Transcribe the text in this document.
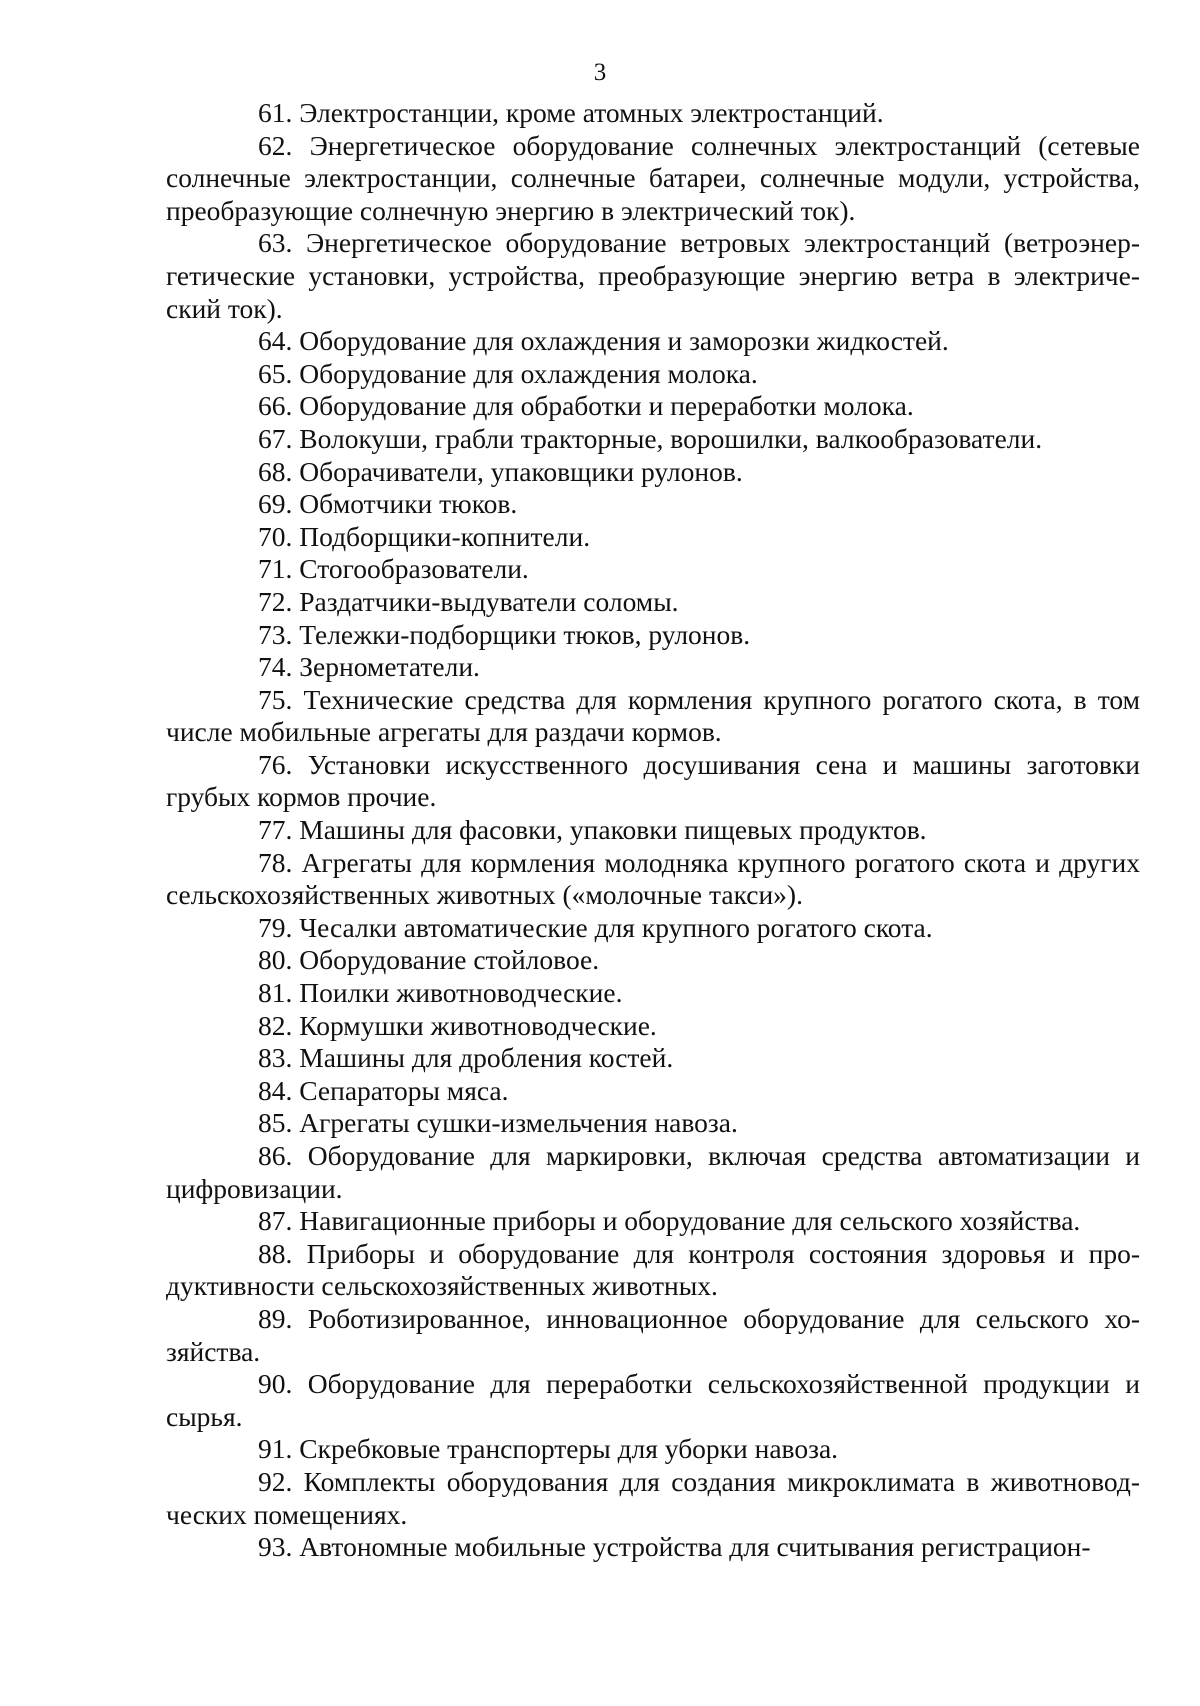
3

61. Электростанции, кроме атомных электростанций.

62. Энергетическое оборудование солнечных электростанций (сетевые солнечные электростанции, солнечные батареи, солнечные модули, устройства, преобразующие солнечную энергию в электрический ток).

63. Энергетическое оборудование ветровых электростанций (ветроэнергетические установки, устройства, преобразующие энергию ветра в электрический ток).

64. Оборудование для охлаждения и заморозки жидкостей.

65. Оборудование для охлаждения молока.

66. Оборудование для обработки и переработки молока.

67. Волокуши, грабли тракторные, ворошилки, валкообразователи.

68. Оборачиватели, упаковщики рулонов.

69. Обмотчики тюков.

70. Подборщики-копнители.

71. Стогообразователи.

72. Раздатчики-выдуватели соломы.

73. Тележки-подборщики тюков, рулонов.

74. Зернометатели.

75. Технические средства для кормления крупного рогатого скота, в том числе мобильные агрегаты для раздачи кормов.

76. Установки искусственного досушивания сена и машины заготовки грубых кормов прочие.

77. Машины для фасовки, упаковки пищевых продуктов.

78. Агрегаты для кормления молодняка крупного рогатого скота и других сельскохозяйственных животных («молочные такси»).

79. Чесалки автоматические для крупного рогатого скота.

80. Оборудование стойловое.

81. Поилки животноводческие.

82. Кормушки животноводческие.

83. Машины для дробления костей.

84. Сепараторы мяса.

85. Агрегаты сушки-измельчения навоза.

86. Оборудование для маркировки, включая средства автоматизации и цифровизации.

87. Навигационные приборы и оборудование для сельского хозяйства.

88. Приборы и оборудование для контроля состояния здоровья и продуктивности сельскохозяйственных животных.

89. Роботизированное, инновационное оборудование для сельского хозяйства.

90. Оборудование для переработки сельскохозяйственной продукции и сырья.

91. Скребковые транспортеры для уборки навоза.

92. Комплекты оборудования для создания микроклимата в животноводческих помещениях.

93. Автономные мобильные устройства для считывания регистрацион-
